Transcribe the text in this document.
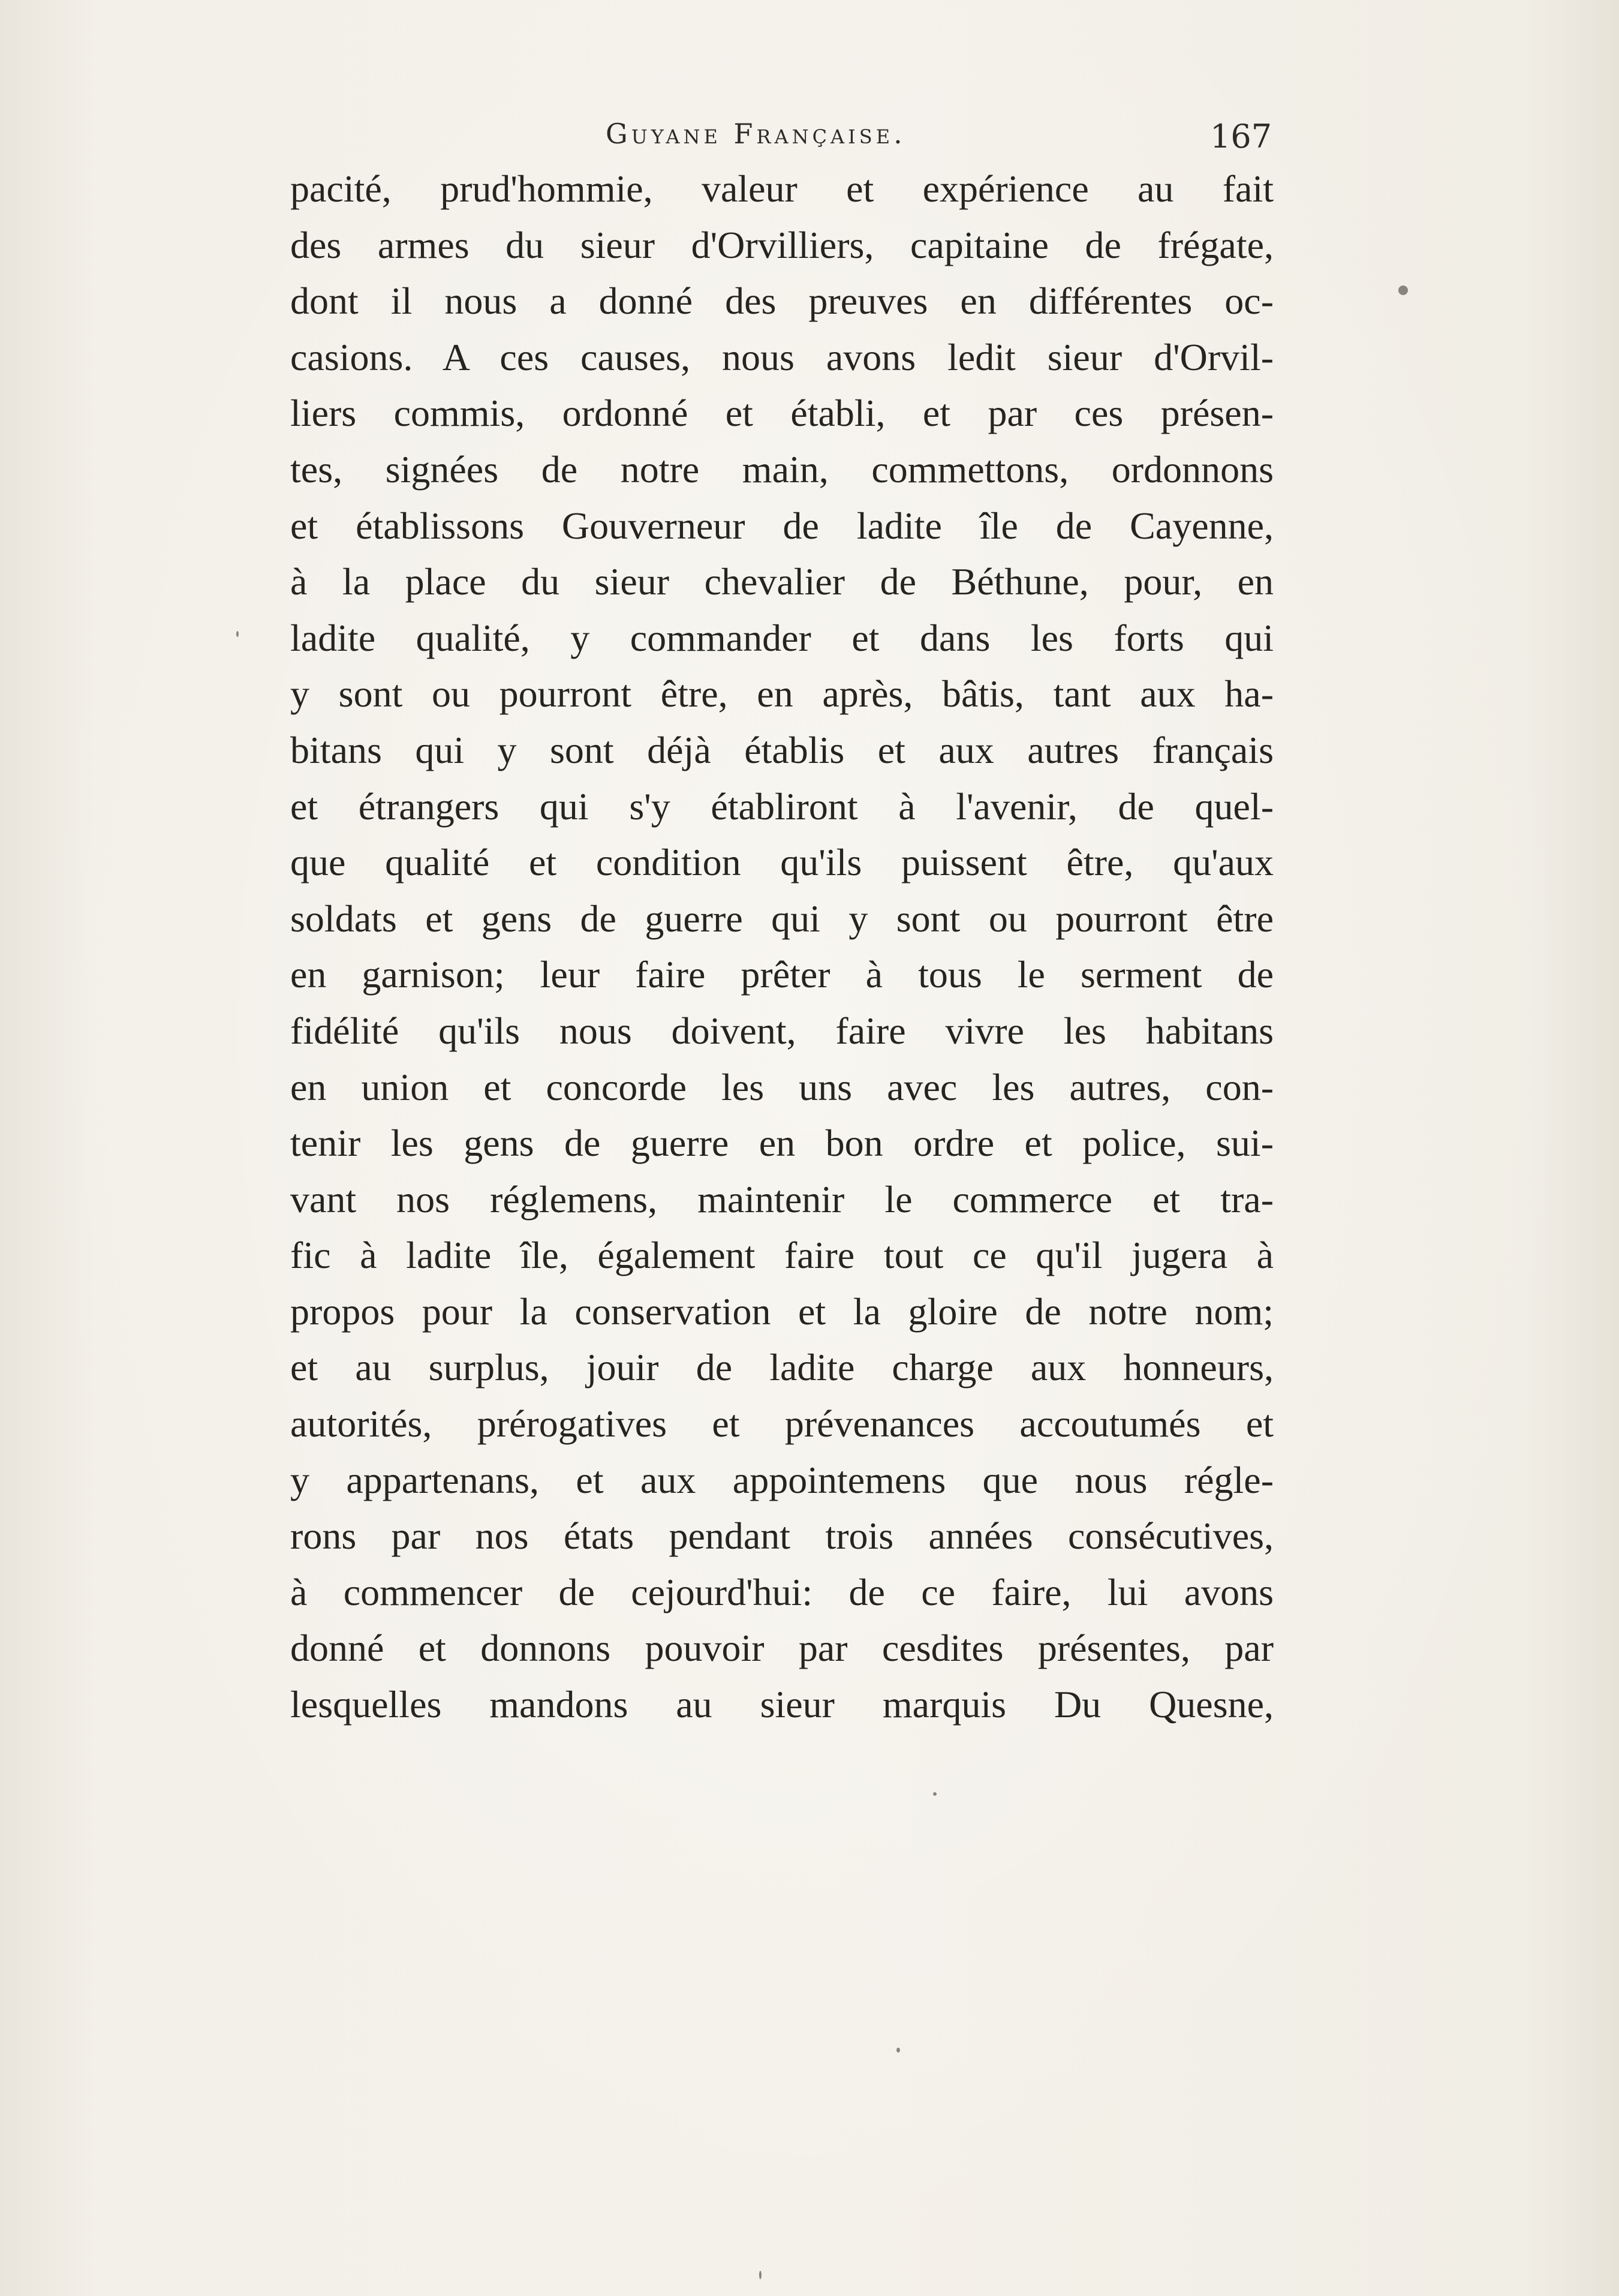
Guyane Française.	167
pacité, prud'hommie, valeur et expérience au fait
des armes du sieur d'Orvilliers, capitaine de frégate,
dont il nous a donné des preuves en différentes oc-
casions. A ces causes, nous avons ledit sieur d'Orvil-
liers commis, ordonné et établi, et par ces présen-
tes, signées de notre main, commettons, ordonnons
et établissons Gouverneur de ladite île de Cayenne,
à la place du sieur chevalier de Béthune, pour, en
ladite qualité, y commander et dans les forts qui
y sont ou pourront être, en après, bâtis, tant aux ha-
bitans qui y sont déjà établis et aux autres français
et étrangers qui s'y établiront à l'avenir, de quel-
que qualité et condition qu'ils puissent être, qu'aux
soldats et gens de guerre qui y sont ou pourront être
en garnison; leur faire prêter à tous le serment de
fidélité qu'ils nous doivent, faire vivre les habitans
en union et concorde les uns avec les autres, con-
tenir les gens de guerre en bon ordre et police, sui-
vant nos réglemens, maintenir le commerce et tra-
fic à ladite île, également faire tout ce qu'il jugera à
propos pour la conservation et la gloire de notre nom;
et au surplus, jouir de ladite charge aux honneurs,
autorités, prérogatives et prévenances accoutumés et
y appartenans, et aux appointemens que nous régle-
rons par nos états pendant trois années consécutives,
à commencer de cejourd'hui: de ce faire, lui avons
donné et donnons pouvoir par cesdites présentes, par
lesquelles mandons au sieur marquis Du Quesne,
